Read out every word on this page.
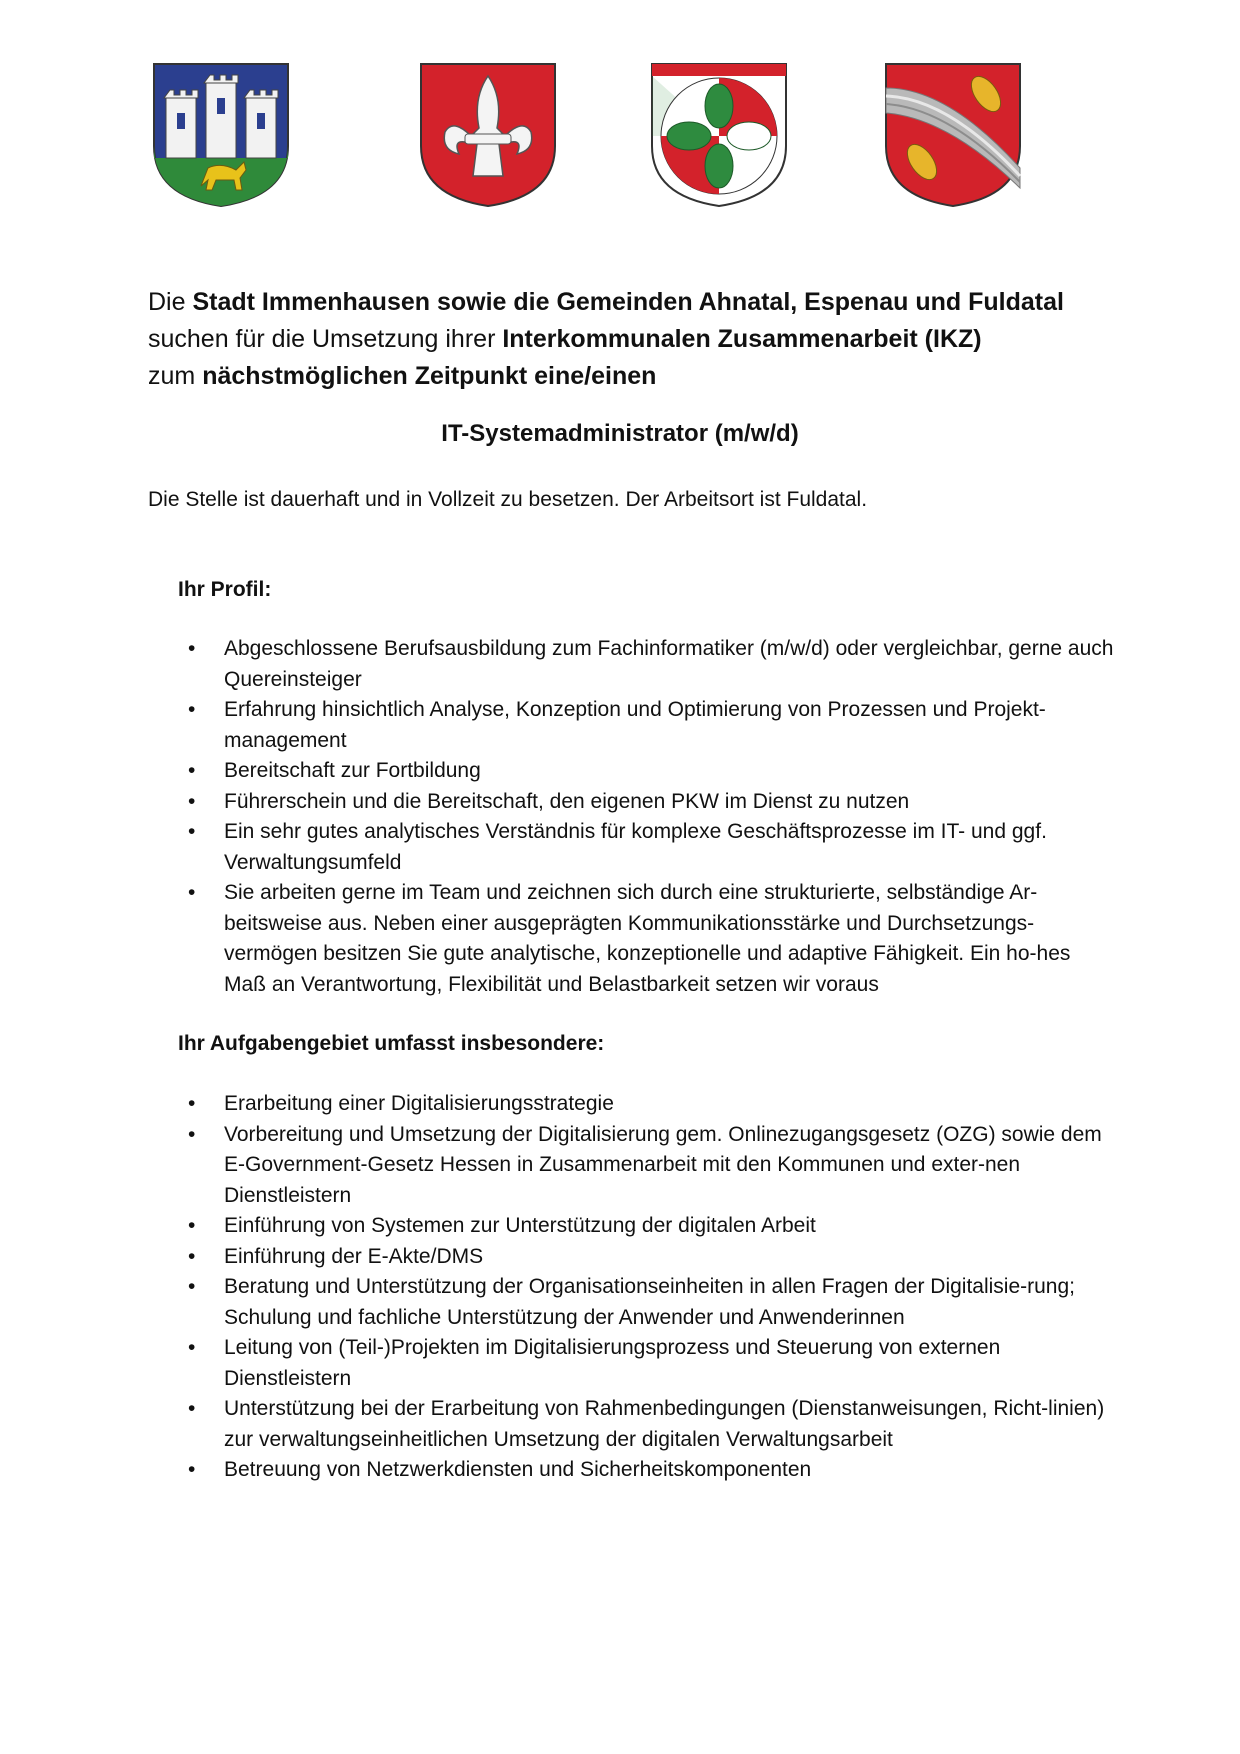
Die Stadt Immenhausen sowie die Gemeinden Ahnatal, Espenau und Fuldatal
suchen für die Umsetzung ihrer Interkommunalen Zusammenarbeit (IKZ)
zum nächstmöglichen Zeitpunkt eine/einen
IT-Systemadministrator (m/w/d)
Die Stelle ist dauerhaft und in Vollzeit zu besetzen. Der Arbeitsort ist Fuldatal.
Ihr Profil:
• Abgeschlossene Berufsausbildung zum Fachinformatiker (m/w/d) oder vergleichbar, gerne auch Quereinsteiger
• Erfahrung hinsichtlich Analyse, Konzeption und Optimierung von Prozessen und Projekt-management
• Bereitschaft zur Fortbildung
• Führerschein und die Bereitschaft, den eigenen PKW im Dienst zu nutzen
• Ein sehr gutes analytisches Verständnis für komplexe Geschäftsprozesse im IT- und ggf. Verwaltungsumfeld
• Sie arbeiten gerne im Team und zeichnen sich durch eine strukturierte, selbständige Ar-beitsweise aus. Neben einer ausgeprägten Kommunikationsstärke und Durchsetzungs-vermögen besitzen Sie gute analytische, konzeptionelle und adaptive Fähigkeit. Ein ho-hes Maß an Verantwortung, Flexibilität und Belastbarkeit setzen wir voraus
Ihr Aufgabengebiet umfasst insbesondere:
• Erarbeitung einer Digitalisierungsstrategie
• Vorbereitung und Umsetzung der Digitalisierung gem. Onlinezugangsgesetz (OZG) sowie dem E-Government-Gesetz Hessen in Zusammenarbeit mit den Kommunen und exter-nen Dienstleistern
• Einführung von Systemen zur Unterstützung der digitalen Arbeit
• Einführung der E-Akte/DMS
• Beratung und Unterstützung der Organisationseinheiten in allen Fragen der Digitalisie-rung; Schulung und fachliche Unterstützung der Anwender und Anwenderinnen
• Leitung von (Teil-)Projekten im Digitalisierungsprozess und Steuerung von externen Dienstleistern
• Unterstützung bei der Erarbeitung von Rahmenbedingungen (Dienstanweisungen, Richt-linien) zur verwaltungseinheitlichen Umsetzung der digitalen Verwaltungsarbeit
• Betreuung von Netzwerkdiensten und Sicherheitskomponenten
